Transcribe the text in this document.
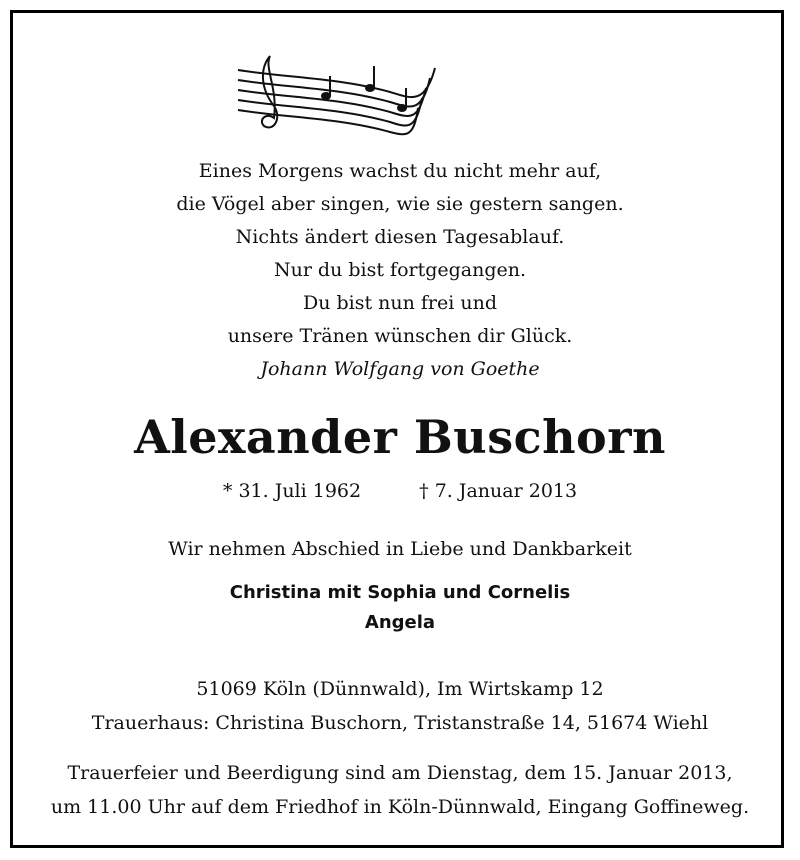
Eines Morgens wachst du nicht mehr auf,
die Vögel aber singen, wie sie gestern sangen.
Nichts ändert diesen Tagesablauf.
Nur du bist fortgegangen.
Du bist nun frei und
unsere Tränen wünschen dir Glück.
Johann Wolfgang von Goethe
Alexander Buschorn
* 31. Juli 1962	† 7. Januar 2013
Wir nehmen Abschied in Liebe und Dankbarkeit
Christina mit Sophia und Cornelis
Angela
51069 Köln (Dünnwald), Im Wirtskamp 12
Trauerhaus: Christina Buschorn, Tristanstraße 14, 51674 Wiehl
Trauerfeier und Beerdigung sind am Dienstag, dem 15. Januar 2013,
um 11.00 Uhr auf dem Friedhof in Köln-Dünnwald, Eingang Goffineweg.
